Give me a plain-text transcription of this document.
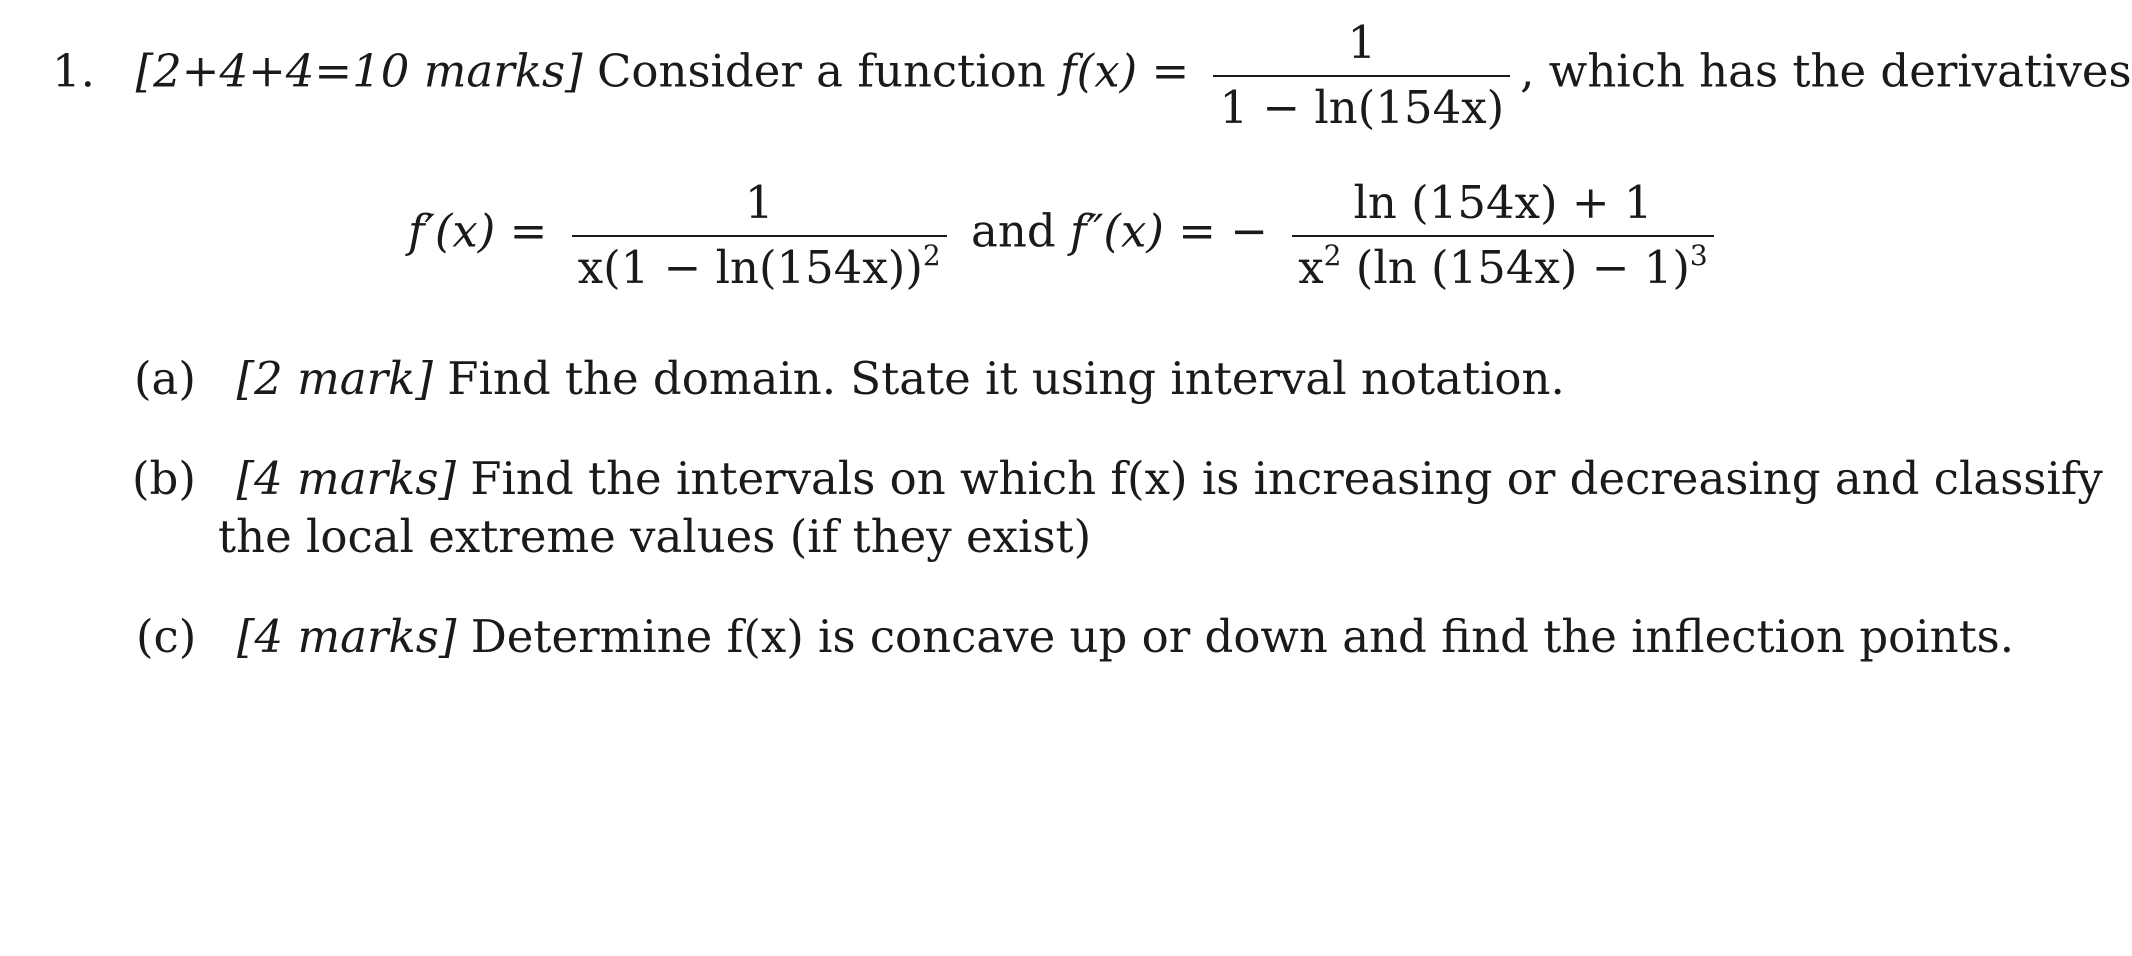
1. [2+4+4=10 marks] Consider a function $f(x) = \frac{1}{1 - \ln(154x)}$ , which has the derivatives
$f'(x) = \frac{1}{x(1 - \ln(154x))^2}$ and f″(x) = − $\frac{\ln (154x) + 1}{x^2 (\ln (154x) - 1)^3}$
(a) [2 mark] Find the domain. State it using interval notation.
(b) [4 marks] Find the intervals on which f(x) is increasing or decreasing and classify
the local extreme values (if they exist)
(c) [4 marks] Determine f(x) is concave up or down and find the inflection points.
